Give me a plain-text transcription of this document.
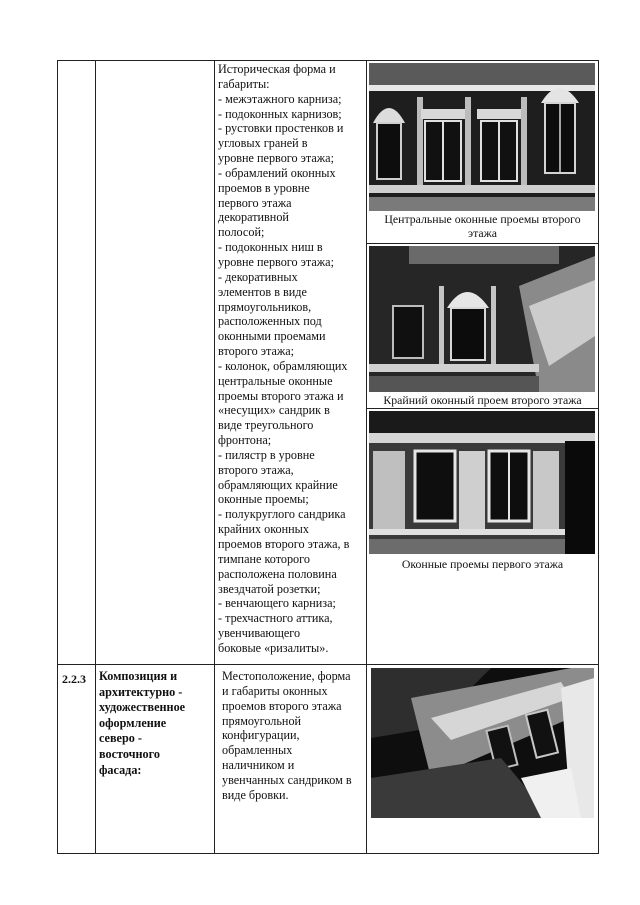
Историческая форма и
габариты:
- межэтажного карниза;
- подоконных карнизов;
- рустовки простенков и
угловых граней в
уровне первого этажа;
- обрамлений оконных
проемов в уровне
первого этажа
декоративной
полосой;
- подоконных ниш в
уровне первого этажа;
- декоративных
элементов в виде
прямоугольников,
расположенных под
оконными проемами
второго этажа;
- колонок, обрамляющих
центральные оконные
проемы второго этажа и
«несущих» сандрик в
виде треугольного
фронтона;
- пилястр в уровне
второго этажа,
обрамляющих крайние
оконные проемы;
- полукруглого сандрика
крайних оконных
проемов второго этажа, в
тимпане которого
расположена половина
звездчатой розетки;
- венчающего карниза;
- трехчастного аттика,
увенчивающего
боковые «ризалиты».
Центральные оконные проемы второго
этажа
Крайний оконный проем второго этажа
Оконные проемы первого этажа
2.2.3 Композиция и
архитектурно -
художественное
оформление
северо -
восточного
фасада:
Местоположение, форма
и габариты оконных
проемов второго этажа
прямоугольной
конфигурации,
обрамленных
наличником и
увенчанных сандриком в
виде бровки.
